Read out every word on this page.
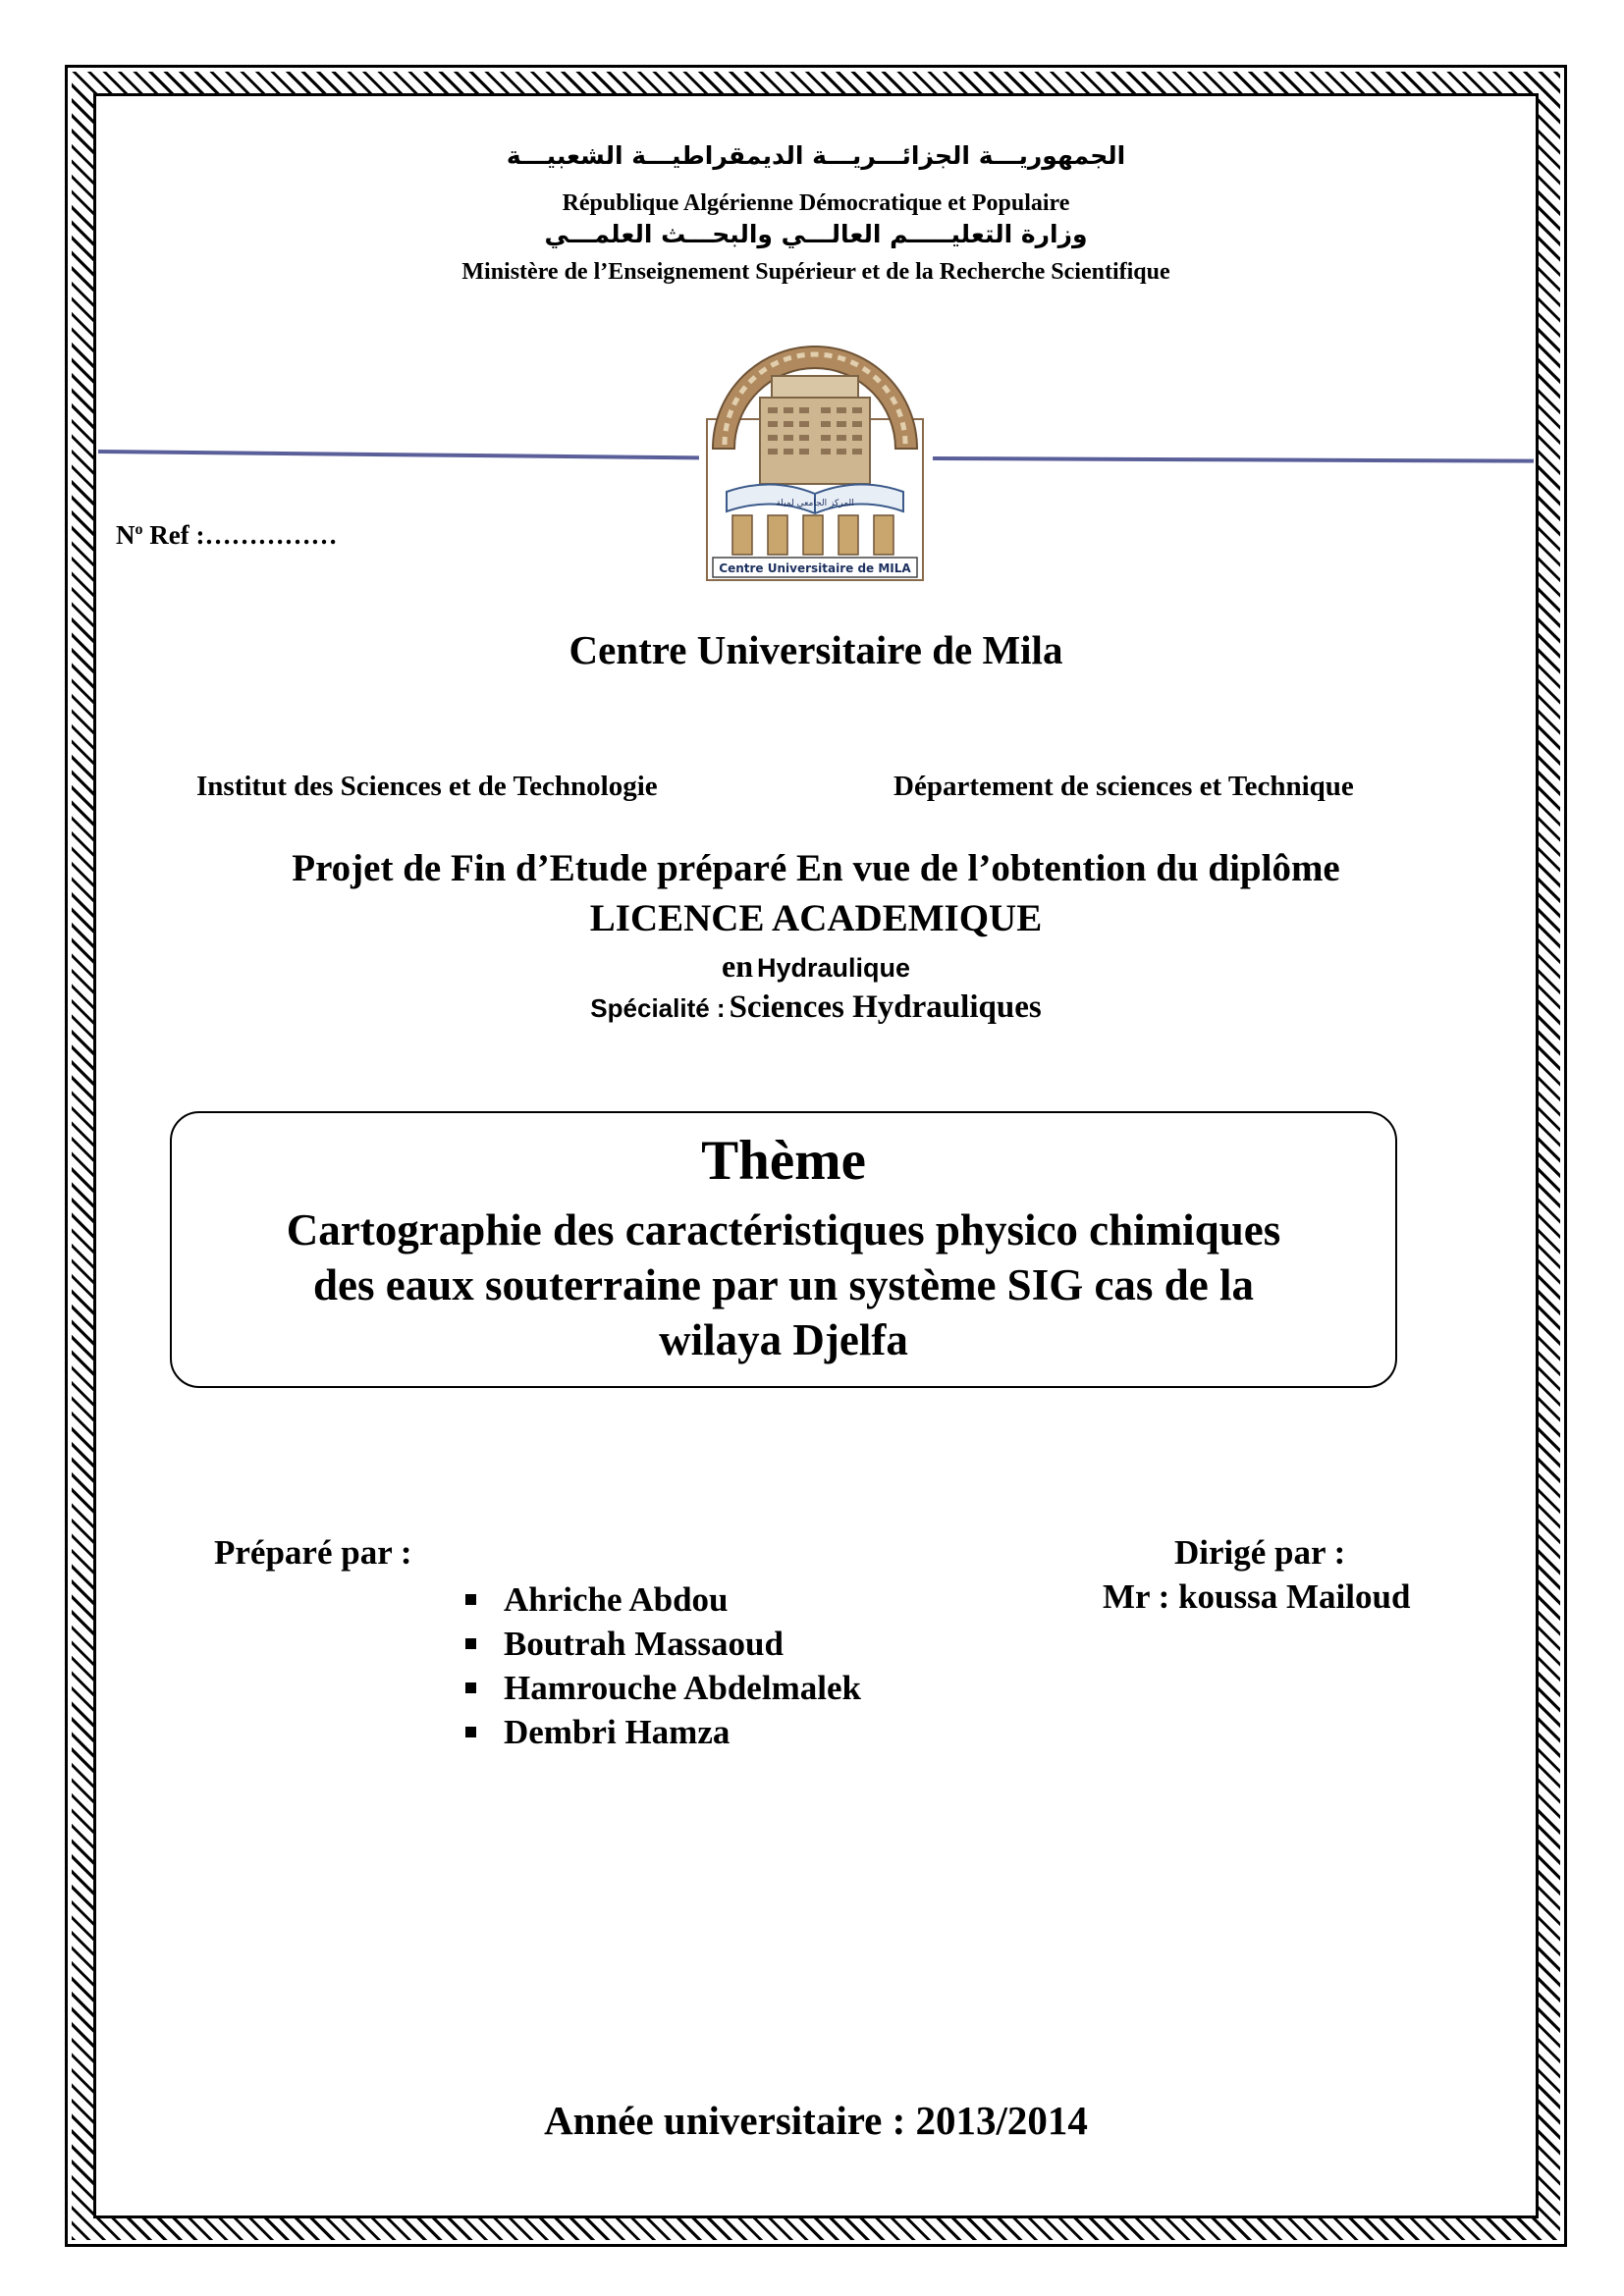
الجمهوريـــة الجزائـــريـــة الديمقراطيـــة الشعبيـــة
République Algérienne Démocratique et Populaire
وزارة التعليـــــم العالـــي والبحـــث العلمـــي
Ministère de l’Enseignement Supérieur et de la Recherche Scientifique
Centre Universitaire de MILA
المركز الجامعي لميلة
$N^o$ Ref :……………
Centre Universitaire de Mila
Institut des Sciences et de Technologie	Département de sciences et Technique
Projet de Fin d’Etude préparé En vue de l’obtention du diplôme
LICENCE ACADEMIQUE
en Hydraulique
Spécialité : Sciences Hydrauliques
Thème
Cartographie des caractéristiques physico chimiques
des eaux souterraine par un système SIG cas de la
wilaya Djelfa
Préparé par :
Ahriche Abdou
Boutrah Massaoud
Hamrouche Abdelmalek
Dembri Hamza
Dirigé par :
Mr : koussa Mailoud
Année universitaire : 2013/2014
